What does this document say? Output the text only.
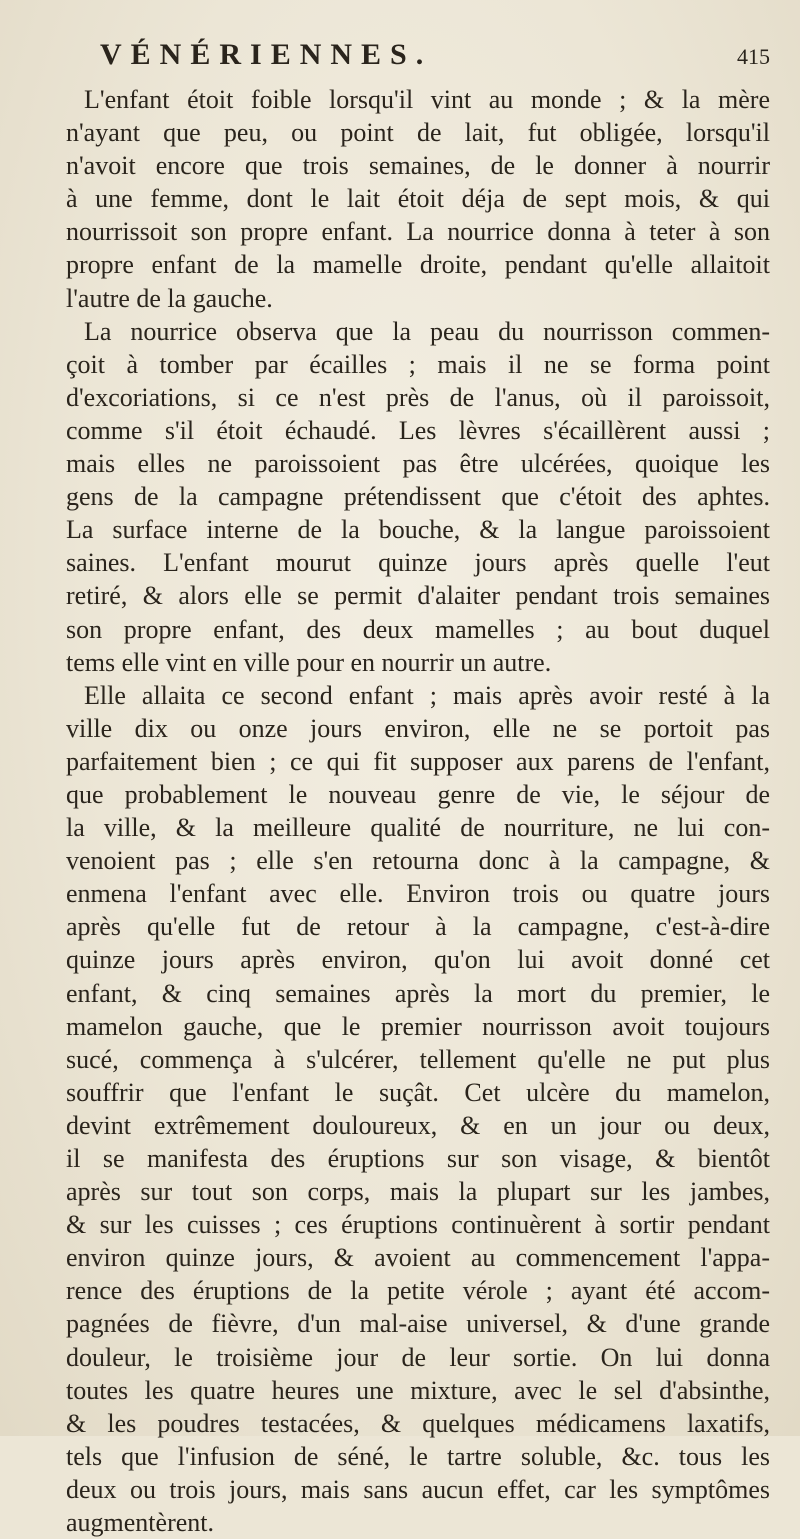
VÉNÉRIENNES.	415
L'enfant étoit foible lorsqu'il vint au monde ; & la mère
n'ayant que peu, ou point de lait, fut obligée, lorsqu'il
n'avoit encore que trois semaines, de le donner à nourrir
à une femme, dont le lait étoit déja de sept mois, & qui
nourrissoit son propre enfant. La nourrice donna à teter à son
propre enfant de la mamelle droite, pendant qu'elle allaitoit
l'autre de la gauche.
La nourrice observa que la peau du nourrisson commen-
çoit à tomber par écailles ; mais il ne se forma point
d'excoriations, si ce n'est près de l'anus, où il paroissoit,
comme s'il étoit échaudé. Les lèvres s'écaillèrent aussi ;
mais elles ne paroissoient pas être ulcérées, quoique les
gens de la campagne prétendissent que c'étoit des aphtes.
La surface interne de la bouche, & la langue paroissoient
saines. L'enfant mourut quinze jours après quelle l'eut
retiré, & alors elle se permit d'alaiter pendant trois semaines
son propre enfant, des deux mamelles ; au bout duquel
tems elle vint en ville pour en nourrir un autre.
Elle allaita ce second enfant ; mais après avoir resté à la
ville dix ou onze jours environ, elle ne se portoit pas
parfaitement bien ; ce qui fit supposer aux parens de l'enfant,
que probablement le nouveau genre de vie, le séjour de
la ville, & la meilleure qualité de nourriture, ne lui con-
venoient pas ; elle s'en retourna donc à la campagne, &
enmena l'enfant avec elle. Environ trois ou quatre jours
après qu'elle fut de retour à la campagne, c'est-à-dire
quinze jours après environ, qu'on lui avoit donné cet
enfant, & cinq semaines après la mort du premier, le
mamelon gauche, que le premier nourrisson avoit toujours
sucé, commença à s'ulcérer, tellement qu'elle ne put plus
souffrir que l'enfant le suçât. Cet ulcère du mamelon,
devint extrêmement douloureux, & en un jour ou deux,
il se manifesta des éruptions sur son visage, & bientôt
après sur tout son corps, mais la plupart sur les jambes,
& sur les cuisses ; ces éruptions continuèrent à sortir pendant
environ quinze jours, & avoient au commencement l'appa-
rence des éruptions de la petite vérole ; ayant été accom-
pagnées de fièvre, d'un mal-aise universel, & d'une grande
douleur, le troisième jour de leur sortie. On lui donna
toutes les quatre heures une mixture, avec le sel d'absinthe,
& les poudres testacées, & quelques médicamens laxatifs,
tels que l'infusion de séné, le tartre soluble, &c. tous les
deux ou trois jours, mais sans aucun effet, car les symptômes
augmentèrent.
